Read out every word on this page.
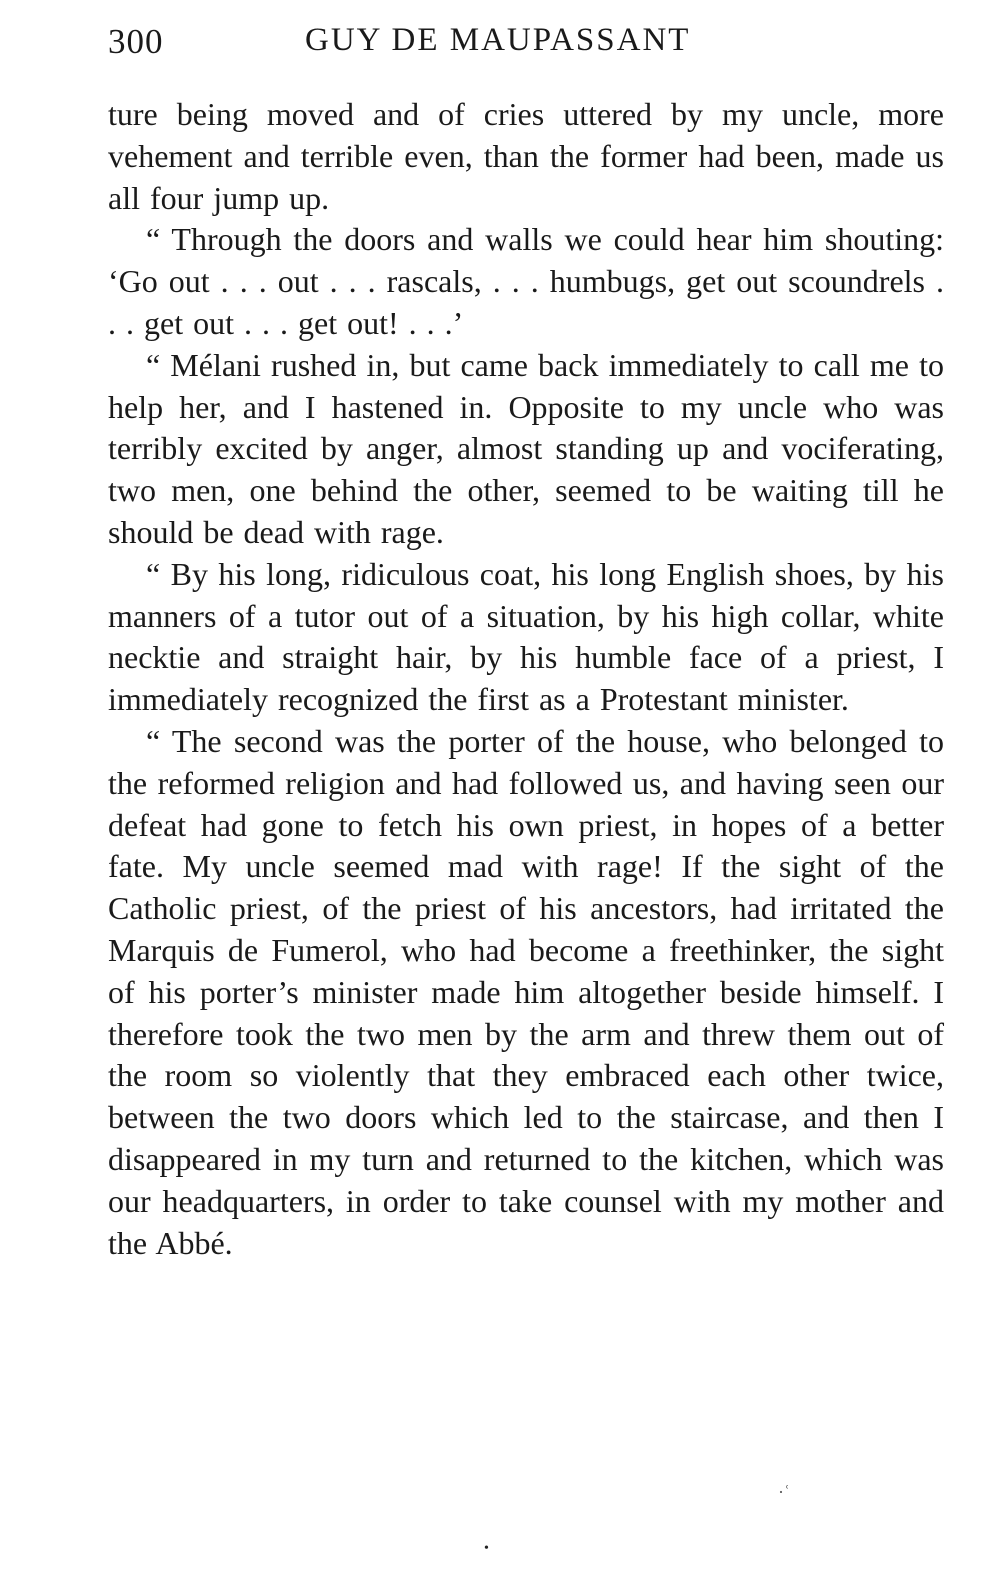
300	GUY DE MAUPASSANT

ture being moved and of cries uttered by my uncle, more vehement and terrible even, than the former had been, made us all four jump up.

“ Through the doors and walls we could hear him shouting: ‘Go out . . . out . . . rascals, . . . humbugs, get out scoundrels . . . get out . . . get out! . . .’

“ Mélani rushed in, but came back immediately to call me to help her, and I hastened in. Opposite to my uncle who was terribly excited by anger, almost standing up and vociferating, two men, one behind the other, seemed to be waiting till he should be dead with rage.

“ By his long, ridiculous coat, his long English shoes, by his manners of a tutor out of a situation, by his high collar, white necktie and straight hair, by his humble face of a priest, I immediately recognized the first as a Protestant minister.

“ The second was the porter of the house, who belonged to the reformed religion and had followed us, and having seen our defeat had gone to fetch his own priest, in hopes of a better fate. My uncle seemed mad with rage! If the sight of the Catholic priest, of the priest of his ancestors, had irritated the Marquis de Fumerol, who had become a freethinker, the sight of his porter’s minister made him altogether beside himself. I therefore took the two men by the arm and threw them out of the room so violently that they embraced each other twice, between the two doors which led to the staircase, and then I disappeared in my turn and returned to the kitchen, which was our headquarters, in order to take counsel with my mother and the Abbé.

·ʿ
•
